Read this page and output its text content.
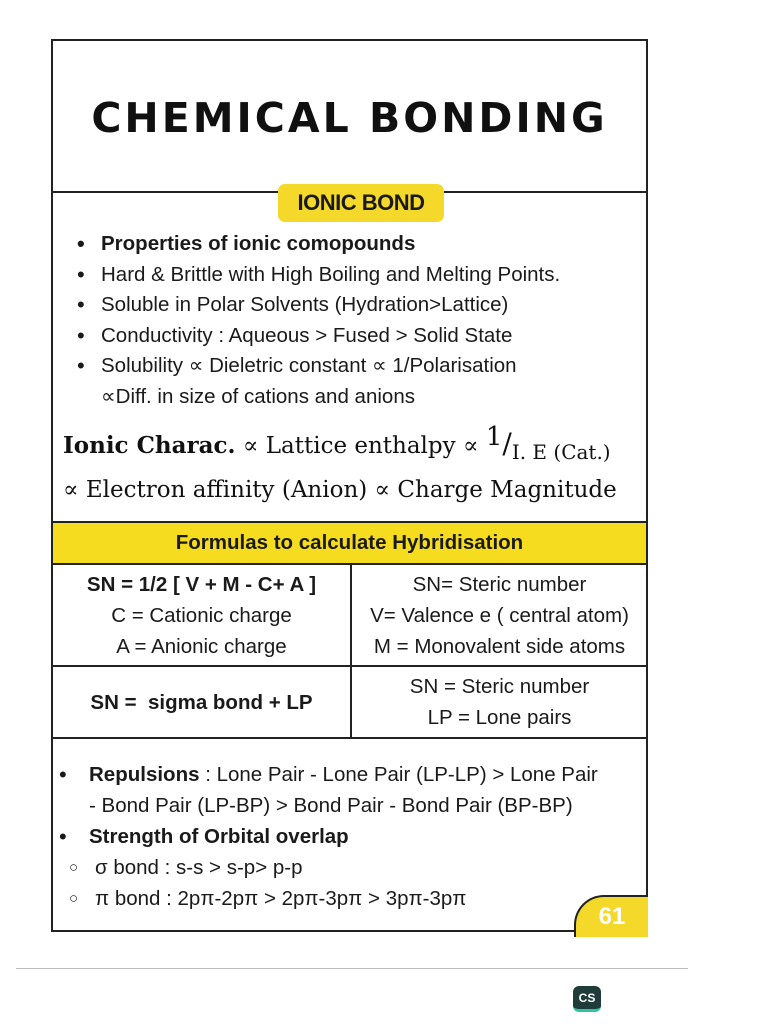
CHEMICAL BONDING
IONIC BOND
• Properties of ionic comopounds
• Hard & Brittle with High Boiling and Melting Points.
• Soluble in Polar Solvents (Hydration>Lattice)
• Conductivity : Aqueous > Fused > Solid State
• Solubility ∝ Dieletric constant ∝ 1/Polarisation
∝Diff. in size of cations and anions
Ionic Charac. ∝ Lattice enthalpy ∝ 1/I. E (Cat.)
∝ Electron affinity (Anion) ∝ Charge Magnitude
Formulas to calculate Hybridisation
SN = 1/2 [ V + M - C+ A ]
C = Cationic charge
A = Anionic charge
SN= Steric number
V= Valence e ( central atom)
M = Monovalent side atoms
SN =
sigma bond + LP
SN = Steric number
LP = Lone pairs
• Repulsions : Lone Pair - Lone Pair (LP-LP) > Lone Pair
- Bond Pair (LP-BP) > Bond Pair - Bond Pair (BP-BP)
• Strength of Orbital overlap
○ σ bond : s-s > s-p> p-p
○ π bond : 2pπ-2pπ > 2pπ-3pπ > 3pπ-3pπ
61
CS
